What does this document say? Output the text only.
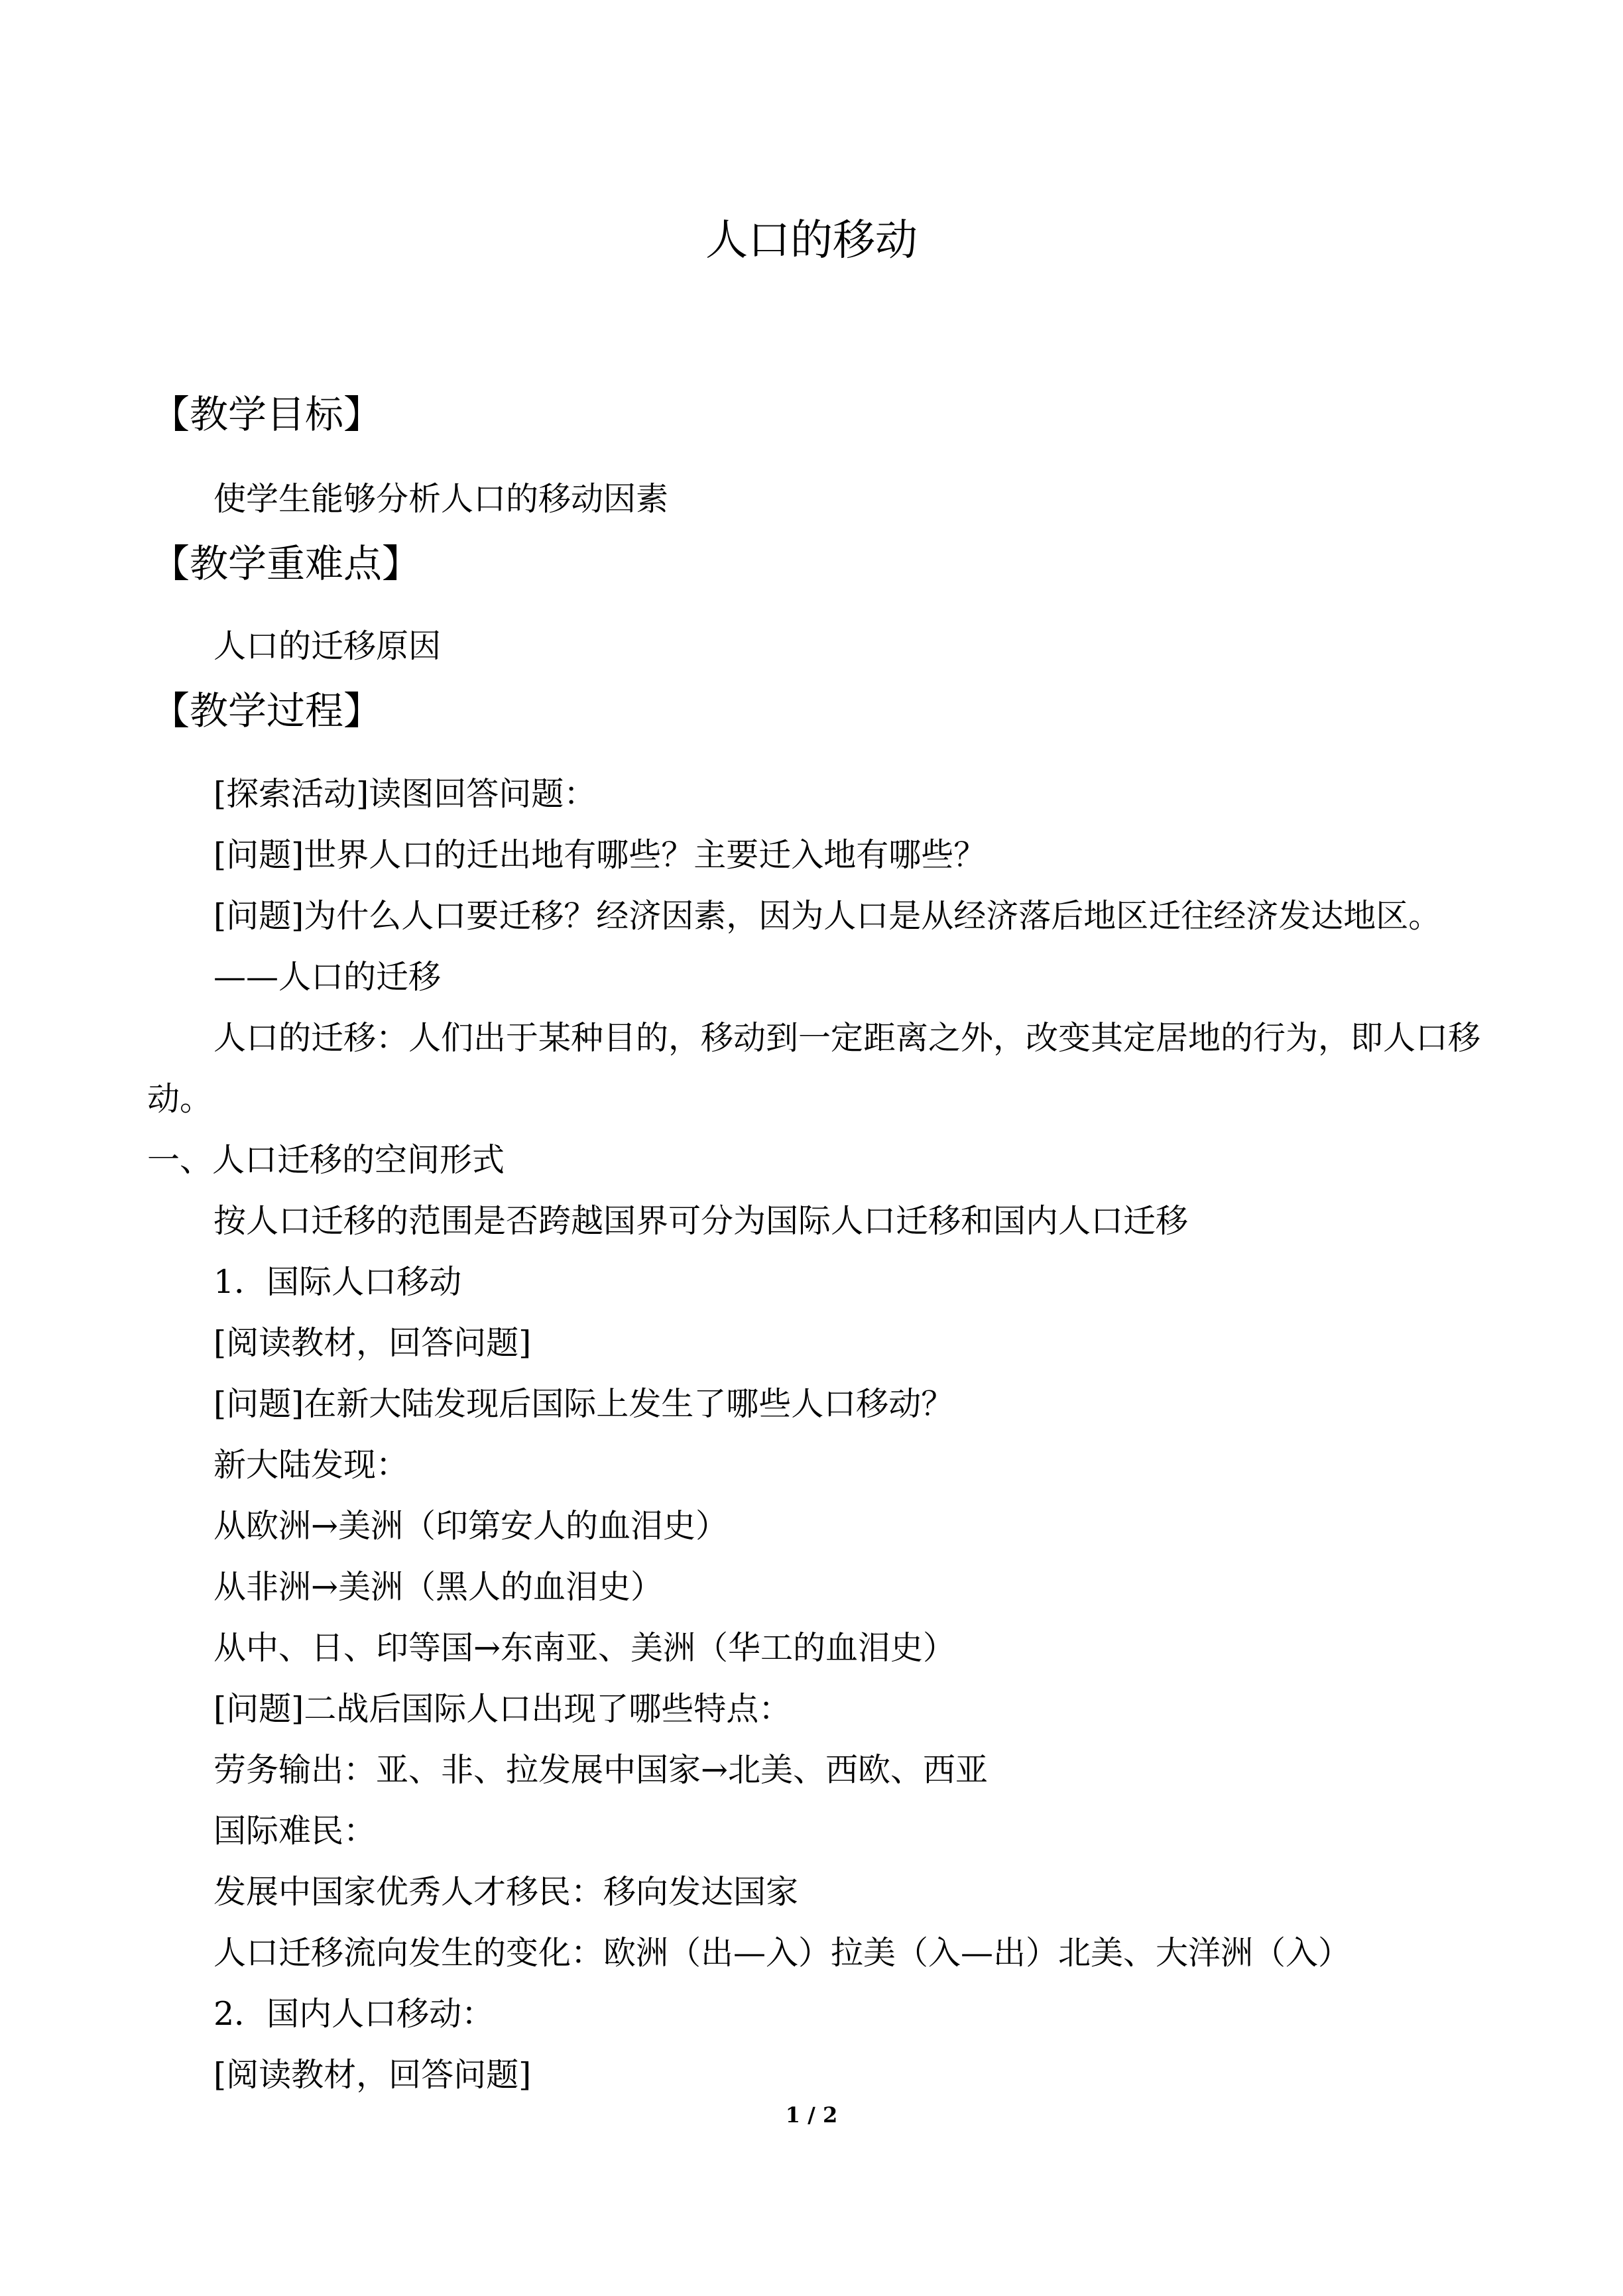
人口的移动
【教学目标】
使学生能够分析人口的移动因素
【教学重难点】
人口的迁移原因
【教学过程】
[探索活动]读图回答问题：
[问题]世界人口的迁出地有哪些？主要迁入地有哪些？
[问题]为什么人口要迁移？经济因素，因为人口是从经济落后地区迁往经济发达地区。
——人口的迁移
人口的迁移：人们出于某种目的，移动到一定距离之外，改变其定居地的行为，即人口移
动。
一、人口迁移的空间形式
按人口迁移的范围是否跨越国界可分为国际人口迁移和国内人口迁移
1．国际人口移动
[阅读教材，回答问题]
[问题]在新大陆发现后国际上发生了哪些人口移动？
新大陆发现：
从欧洲→美洲（印第安人的血泪史）
从非洲→美洲（黑人的血泪史）
从中、日、印等国→东南亚、美洲（华工的血泪史）
[问题]二战后国际人口出现了哪些特点：
劳务输出：亚、非、拉发展中国家→北美、西欧、西亚
国际难民：
发展中国家优秀人才移民：移向发达国家
人口迁移流向发生的变化：欧洲（出—入）拉美（入—出）北美、大洋洲（入）
2．国内人口移动：
[阅读教材，回答问题]
1 / 2
